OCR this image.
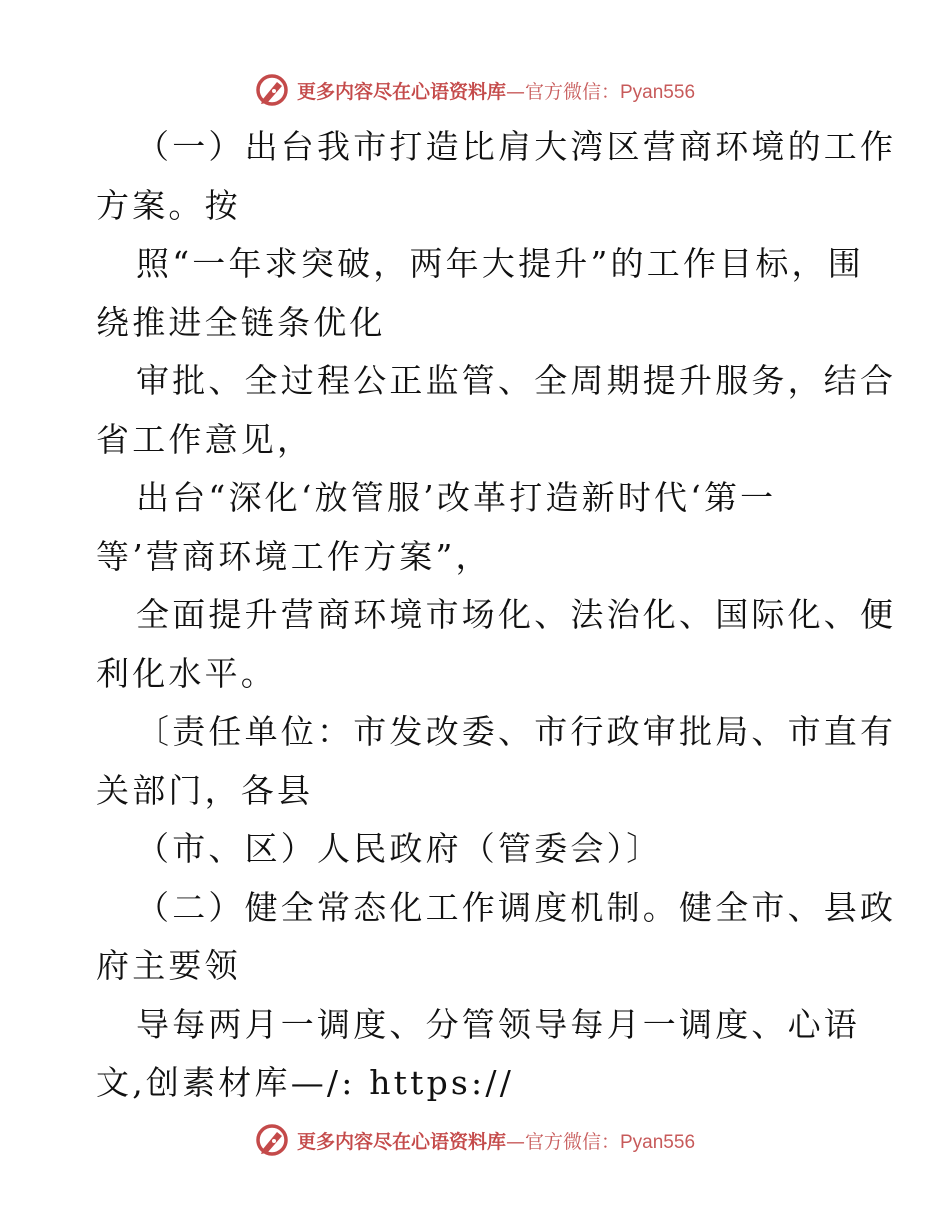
更多内容尽在心语资料库—官方微信：Pyan556
（一）出台我市打造比肩大湾区营商环境的工作
方案。按
照“一年求突破，两年大提升”的工作目标，围
绕推进全链条优化
审批、全过程公正监管、全周期提升服务，结合
省工作意见，
出台“深化‘放管服’改革打造新时代‘第一
等’营商环境工作方案”，
全面提升营商环境市场化、法治化、国际化、便
利化水平。
〔责任单位：市发改委、市行政审批局、市直有
关部门，各县
（市、区）人民政府（管委会）〕
（二）健全常态化工作调度机制。健全市、县政
府主要领
导每两月一调度、分管领导每月一调度、心语
文,创素材库—/: https://
更多内容尽在心语资料库—官方微信：Pyan556
